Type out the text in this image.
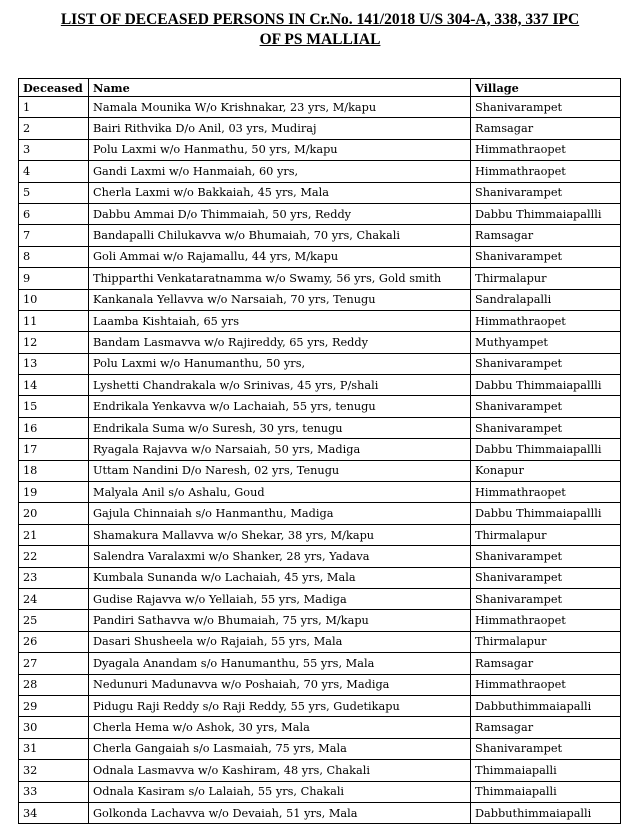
LIST OF DECEASED PERSONS IN Cr.No. 141/2018 U/S 304-A, 338, 337 IPC
OF PS MALLIAL
Deceased	Name	Village
1	Namala Mounika W/o Krishnakar, 23 yrs, M/kapu	Shanivarampet
2	Bairi Rithvika D/o Anil, 03 yrs, Mudiraj	Ramsagar
3	Polu Laxmi w/o Hanmathu, 50 yrs, M/kapu	Himmathraopet
4	Gandi Laxmi w/o Hanmaiah, 60 yrs,	Himmathraopet
5	Cherla Laxmi w/o Bakkaiah, 45 yrs, Mala	Shanivarampet
6	Dabbu Ammai D/o Thimmaiah, 50 yrs, Reddy	Dabbu Thimmaiapallli
7	Bandapalli Chilukavva w/o Bhumaiah, 70 yrs, Chakali	Ramsagar
8	Goli Ammai w/o Rajamallu, 44 yrs, M/kapu	Shanivarampet
9	Thipparthi Venkataratnamma w/o Swamy, 56 yrs, Gold smith	Thirmalapur
10	Kankanala Yellavva w/o Narsaiah, 70 yrs, Tenugu	Sandralapalli
11	Laamba Kishtaiah, 65 yrs	Himmathraopet
12	Bandam Lasmavva w/o Rajireddy, 65 yrs, Reddy	Muthyampet
13	Polu Laxmi w/o Hanumanthu, 50 yrs,	Shanivarampet
14	Lyshetti Chandrakala w/o Srinivas, 45 yrs, P/shali	Dabbu Thimmaiapallli
15	Endrikala Yenkavva w/o Lachaiah, 55 yrs, tenugu	Shanivarampet
16	Endrikala Suma w/o Suresh, 30 yrs, tenugu	Shanivarampet
17	Ryagala Rajavva w/o Narsaiah, 50 yrs, Madiga	Dabbu Thimmaiapallli
18	Uttam Nandini D/o Naresh, 02 yrs, Tenugu	Konapur
19	Malyala Anil s/o Ashalu, Goud	Himmathraopet
20	Gajula Chinnaiah s/o Hanmanthu, Madiga	Dabbu Thimmaiapallli
21	Shamakura Mallavva w/o Shekar, 38 yrs, M/kapu	Thirmalapur
22	Salendra Varalaxmi w/o Shanker, 28 yrs, Yadava	Shanivarampet
23	Kumbala Sunanda w/o Lachaiah, 45 yrs, Mala	Shanivarampet
24	Gudise Rajavva w/o Yellaiah, 55 yrs, Madiga	Shanivarampet
25	Pandiri Sathavva w/o Bhumaiah, 75 yrs, M/kapu	Himmathraopet
26	Dasari Shusheela w/o Rajaiah, 55 yrs, Mala	Thirmalapur
27	Dyagala Anandam s/o Hanumanthu, 55 yrs, Mala	Ramsagar
28	Nedunuri Madunavva w/o Poshaiah, 70 yrs, Madiga	Himmathraopet
29	Pidugu Raji Reddy s/o Raji Reddy, 55 yrs, Gudetikapu	Dabbuthimmaiapalli
30	Cherla Hema w/o Ashok, 30 yrs, Mala	Ramsagar
31	Cherla Gangaiah s/o Lasmaiah, 75 yrs, Mala	Shanivarampet
32	Odnala Lasmavva w/o Kashiram, 48 yrs, Chakali	Thimmaiapalli
33	Odnala Kasiram s/o Lalaiah, 55 yrs, Chakali	Thimmaiapalli
34	Golkonda Lachavva w/o Devaiah, 51 yrs, Mala	Dabbuthimmaiapalli
